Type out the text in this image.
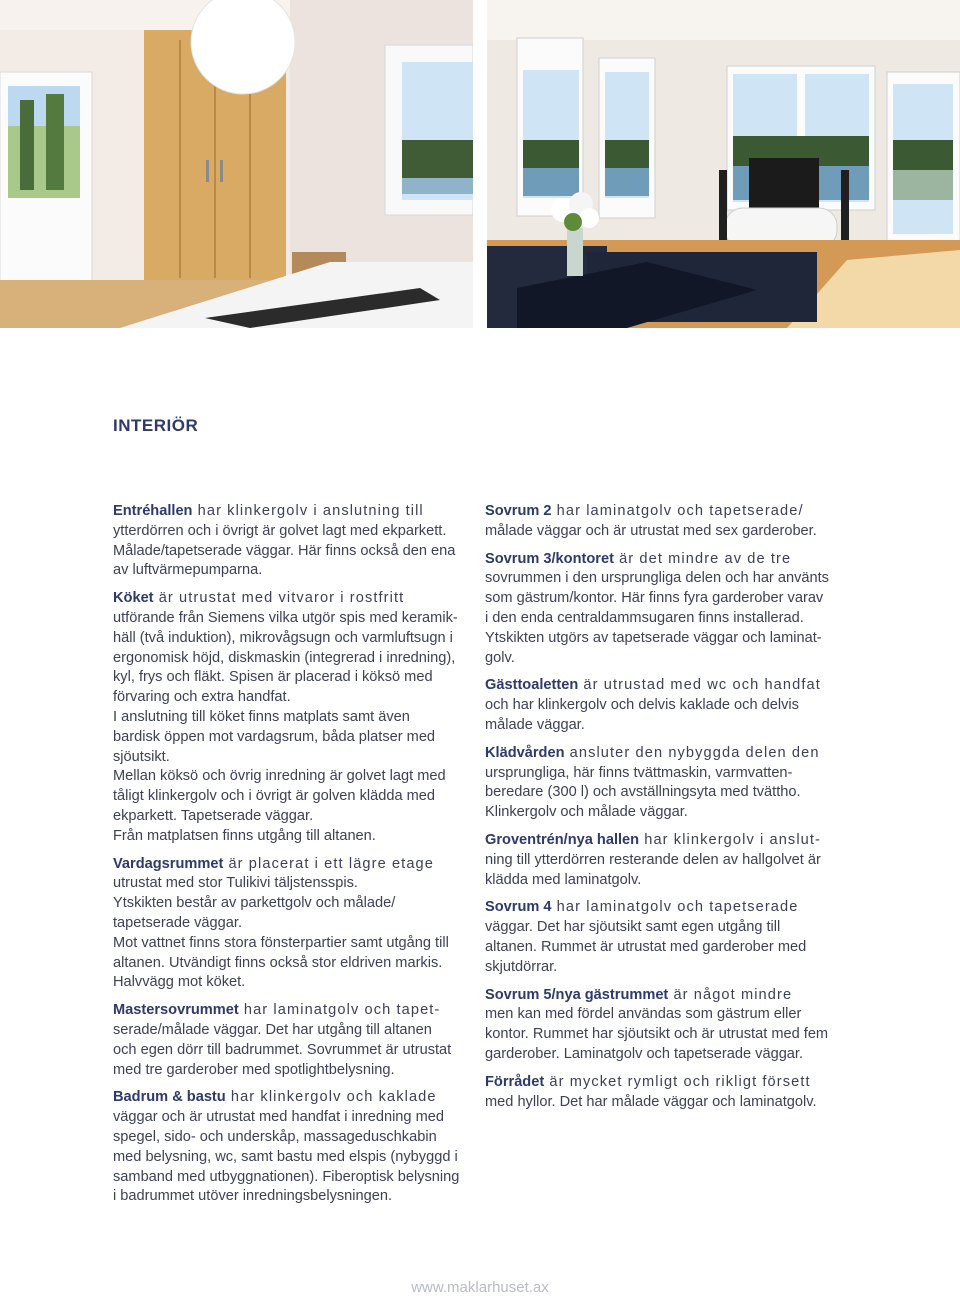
INTERIÖR

Entréhallen har klinkergolv i anslutning till
ytterdörren och i övrigt är golvet lagt med ekparkett.
Målade/tapetserade väggar. Här finns också den ena
av luftvärmepumparna.

Köket är utrustat med vitvaror i rostfritt
utförande från Siemens vilka utgör spis med keramik-
häll (två induktion), mikrovågsugn och varmluftsugn i
ergonomisk höjd, diskmaskin (integrerad i inredning),
kyl, frys och fläkt. Spisen är placerad i köksö med
förvaring och extra handfat.
I anslutning till köket finns matplats samt även
bardisk öppen mot vardagsrum, båda platser med
sjöutsikt.
Mellan köksö och övrig inredning är golvet lagt med
tåligt klinkergolv och i övrigt är golven klädda med
ekparkett. Tapetserade väggar.
Från matplatsen finns utgång till altanen.

Vardagsrummet är placerat i ett lägre etage
utrustat med stor Tulikivi täljstensspis.
Ytskikten består av parkettgolv och målade/
tapetserade väggar.
Mot vattnet finns stora fönsterpartier samt utgång till
altanen. Utvändigt finns också stor eldriven markis.
Halvvägg mot köket.

Mastersovrummet har laminatgolv och tapet-
serade/målade väggar. Det har utgång till altanen
och egen dörr till badrummet. Sovrummet är utrustat
med tre garderober med spotlightbelysning.

Badrum & bastu har klinkergolv och kaklade
väggar och är utrustat med handfat i inredning med
spegel, sido- och underskåp, massageduschkabin
med belysning, wc, samt bastu med elspis (nybyggd i
samband med utbyggnationen). Fiberoptisk belysning
i badrummet utöver inredningsbelysningen.

Sovrum 2 har laminatgolv och tapetserade/
målade väggar och är utrustat med sex garderober.

Sovrum 3/kontoret är det mindre av de tre
sovrummen i den ursprungliga delen och har använts
som gästrum/kontor. Här finns fyra garderober varav
i den enda centraldammsugaren finns installerad.
Ytskikten utgörs av tapetserade väggar och laminat-
golv.

Gästtoaletten är utrustad med wc och handfat
och har klinkergolv och delvis kaklade och delvis
målade väggar.

Klädvården ansluter den nybyggda delen den
ursprungliga, här finns tvättmaskin, varmvatten-
beredare (300 l) och avställningsyta med tvättho.
Klinkergolv och målade väggar.

Groventrén/nya hallen har klinkergolv i anslut-
ning till ytterdörren resterande delen av hallgolvet är
klädda med laminatgolv.

Sovrum 4 har laminatgolv och tapetserade
väggar. Det har sjöutsikt samt egen utgång till
altanen. Rummet är utrustat med garderober med
skjutdörrar.

Sovrum 5/nya gästrummet är något mindre
men kan med fördel användas som gästrum eller
kontor. Rummet har sjöutsikt och är utrustat med fem
garderober. Laminatgolv och tapetserade väggar.

Förrådet är mycket rymligt och rikligt försett
med hyllor. Det har målade väggar och laminatgolv.

www.maklarhuset.ax
